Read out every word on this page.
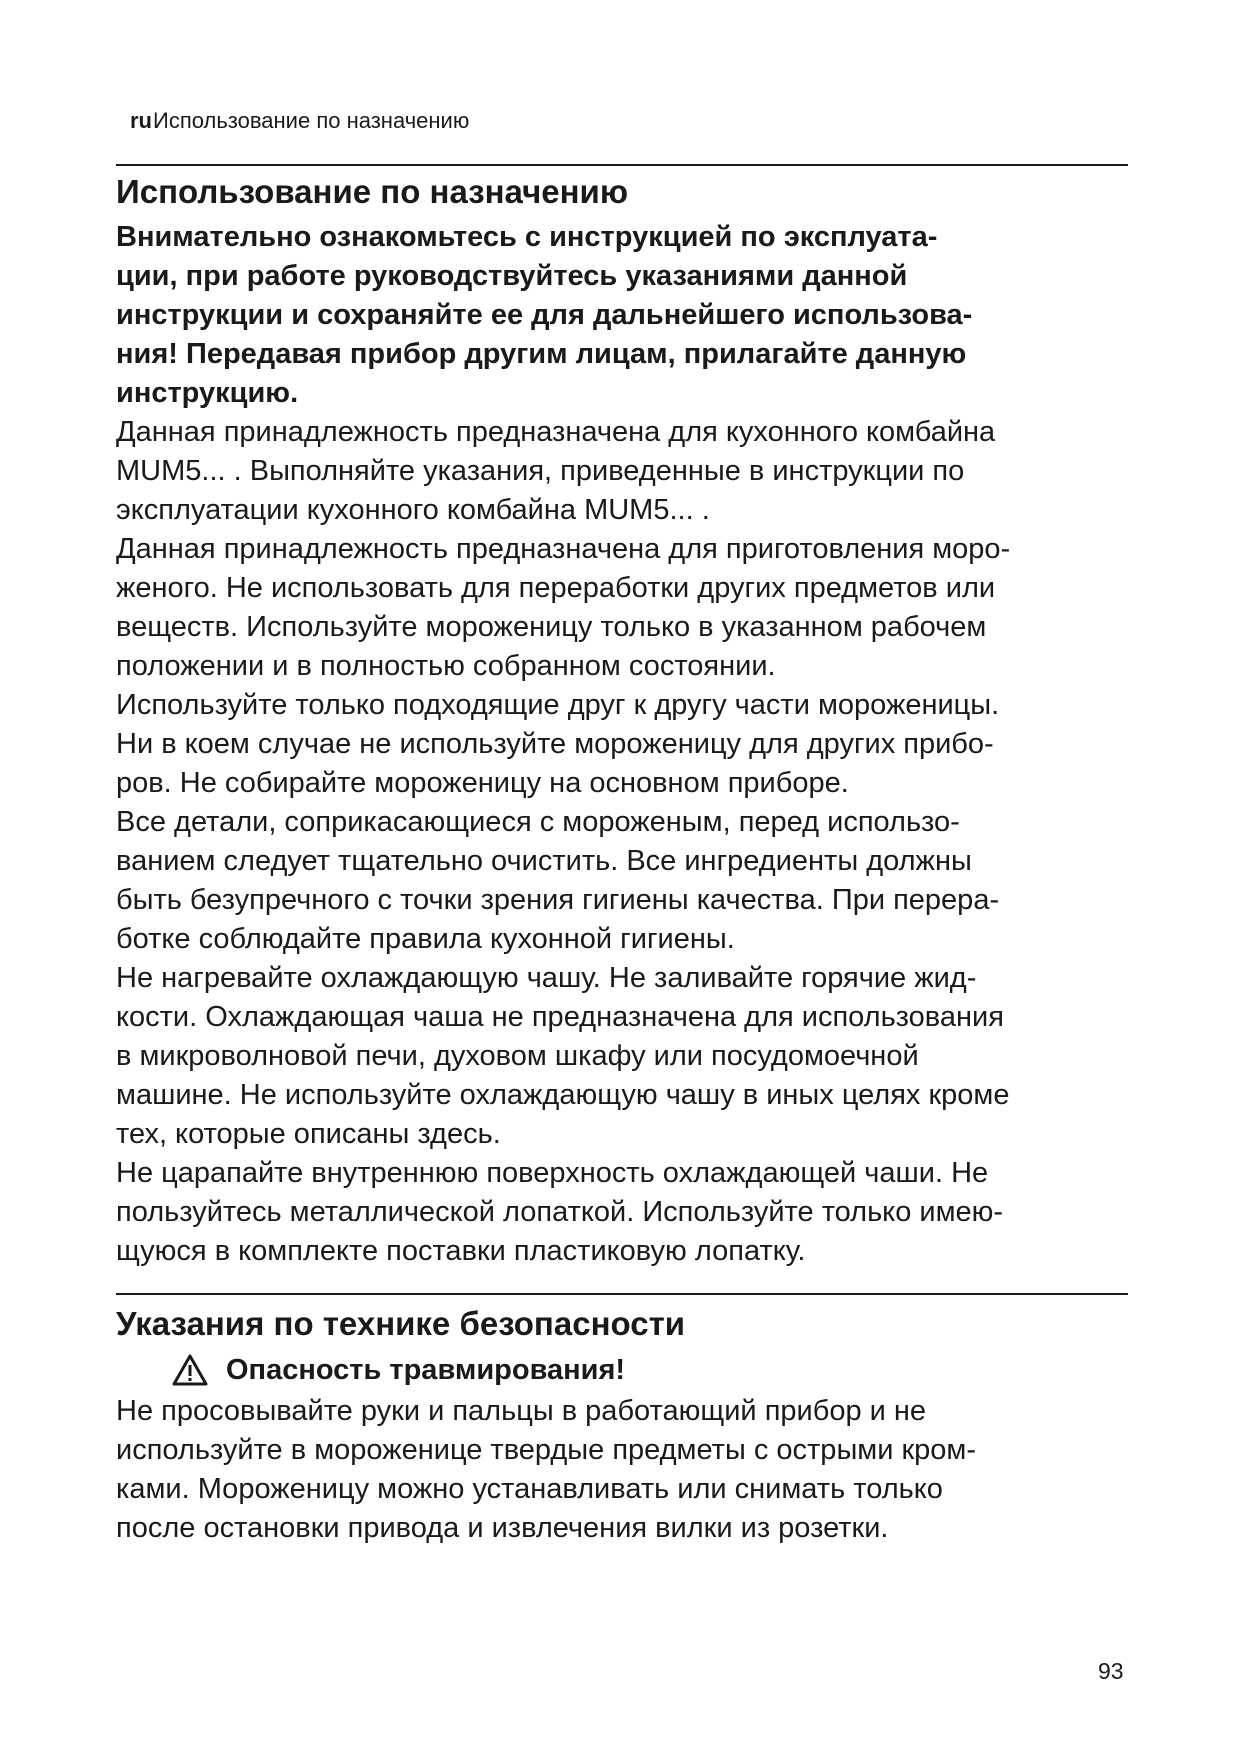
ruИспользование по назначению
Использование по назначению

Внимательно ознакомьтесь с инструкцией по эксплуата-
ции, при работе руководствуйтесь указаниями данной
инструкции и сохраняйте ее для дальнейшего использова-
ния! Передавая прибор другим лицам, прилагайте данную
инструкцию.

Данная принадлежность предназначена для кухонного комбайна
MUM5... . Выполняйте указания, приведенные в инструкции по
эксплуатации кухонного комбайна MUM5... .

Данная принадлежность предназначена для приготовления моро-
женого. Не использовать для переработки других предметов или
веществ. Используйте мороженицу только в указанном рабочем
положении и в полностью собранном состоянии.

Используйте только подходящие друг к другу части мороженицы.
Ни в коем случае не используйте мороженицу для других прибо-
ров. Не собирайте мороженицу на основном приборе.

Все детали, соприкасающиеся с мороженым, перед использо-
ванием следует тщательно очистить. Все ингредиенты должны
быть безупречного с точки зрения гигиены качества. При перера-
ботке соблюдайте правила кухонной гигиены.

Не нагревайте охлаждающую чашу. Не заливайте горячие жид-
кости. Охлаждающая чаша не предназначена для использования
в микроволновой печи, духовом шкафу или посудомоечной
машине. Не используйте охлаждающую чашу в иных целях кроме
тех, которые описаны здесь.

Не царапайте внутреннюю поверхность охлаждающей чаши. Не
пользуйтесь металлической лопаткой. Используйте только имею-
щуюся в комплекте поставки пластиковую лопатку.

Указания по технике безопасности
Опасность травмирования!

Не просовывайте руки и пальцы в работающий прибор и не
используйте в мороженице твердые предметы с острыми кром-
ками. Мороженицу можно устанавливать или снимать только
после остановки привода и извлечения вилки из розетки.

93
